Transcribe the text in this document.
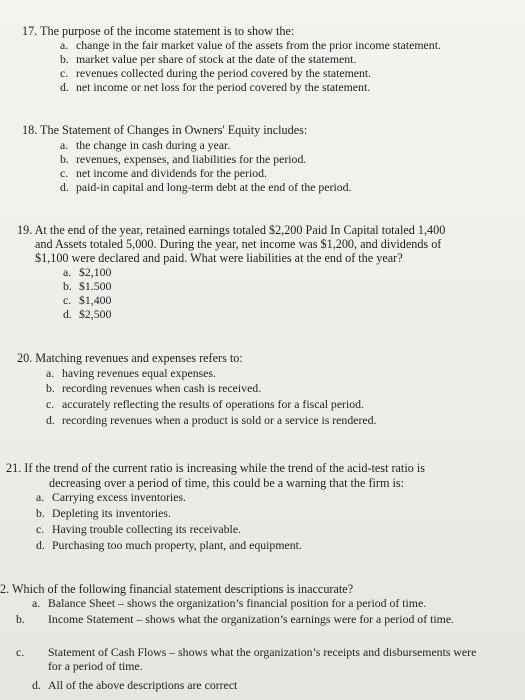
17. The purpose of the income statement is to show the:
a. change in the fair market value of the assets from the prior income statement.
b. market value per share of stock at the date of the statement.
c. revenues collected during the period covered by the statement.
d. net income or net loss for the period covered by the statement.
18. The Statement of Changes in Owners' Equity includes:
a. the change in cash during a year.
b. revenues, expenses, and liabilities for the period.
c. net income and dividends for the period.
d. paid-in capital and long-term debt at the end of the period.
19. At the end of the year, retained earnings totaled $2,200 Paid In Capital totaled 1,400
and Assets totaled 5,000. During the year, net income was $1,200, and dividends of
$1,100 were declared and paid. What were liabilities at the end of the year?
a. $2,100
b. $1.500
c. $1,400
d. $2,500
20. Matching revenues and expenses refers to:
a. having revenues equal expenses.
b. recording revenues when cash is received.
c. accurately reflecting the results of operations for a fiscal period.
d. recording revenues when a product is sold or a service is rendered.
21. If the trend of the current ratio is increasing while the trend of the acid-test ratio is
decreasing over a period of time, this could be a warning that the firm is:
a. Carrying excess inventories.
b. Depleting its inventories.
c. Having trouble collecting its receivable.
d. Purchasing too much property, plant, and equipment.
2. Which of the following financial statement descriptions is inaccurate?
a. Balance Sheet – shows the organization’s financial position for a period of time.
b. Income Statement – shows what the organization’s earnings were for a period of time.
c. Statement of Cash Flows – shows what the organization’s receipts and disbursements were for a period of time.
d. All of the above descriptions are correct
